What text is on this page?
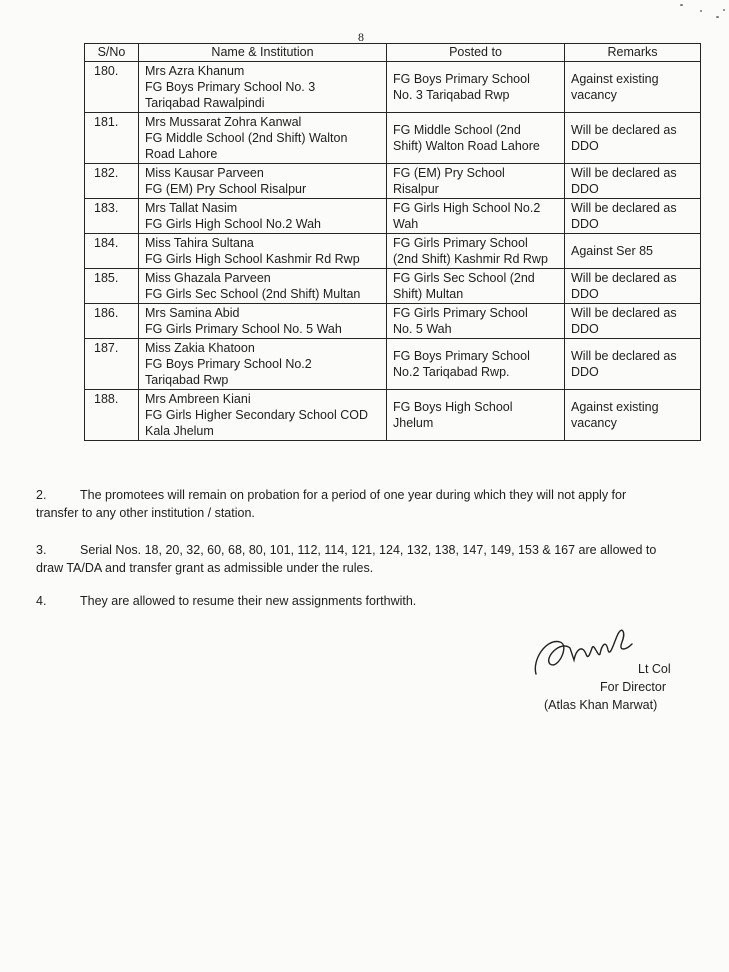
8
S/No	Name & Institution	Posted to	Remarks
180.	Mrs Azra Khanum
FG Boys Primary School No. 3
Tariqabad Rawalpindi	FG Boys Primary School
No. 3 Tariqabad Rwp	Against existing
vacancy

181.	Mrs Mussarat Zohra Kanwal
FG Middle School (2nd Shift) Walton
Road Lahore	FG Middle School (2nd
Shift) Walton Road Lahore	Will be declared as
DDO

182.	Miss Kausar Parveen
FG (EM) Pry School Risalpur	FG (EM) Pry School
Risalpur	Will be declared as
DDO

183.	Mrs Tallat Nasim
FG Girls High School No.2 Wah	FG Girls High School No.2
Wah	Will be declared as
DDO

184.	Miss Tahira Sultana
FG Girls High School Kashmir Rd Rwp	FG Girls Primary School
(2nd Shift) Kashmir Rd Rwp	Against Ser 85

185.	Miss Ghazala Parveen
FG Girls Sec School (2nd Shift) Multan	FG Girls Sec School (2nd
Shift) Multan	Will be declared as
DDO

186.	Mrs Samina Abid
FG Girls Primary School No. 5 Wah	FG Girls Primary School
No. 5 Wah	Will be declared as
DDO

187.	Miss Zakia Khatoon
FG Boys Primary School No.2
Tariqabad Rwp	FG Boys Primary School
No.2 Tariqabad Rwp.	Will be declared as
DDO

188.	Mrs Ambreen Kiani
FG Girls Higher Secondary School COD
Kala Jhelum	FG Boys High School
Jhelum	Against existing
vacancy
2.	The promotees will remain on probation for a period of one year during which they will not apply for
transfer to any other institution / station.
3.	Serial Nos. 18, 20, 32, 60, 68, 80, 101, 112, 114, 121, 124, 132, 138, 147, 149, 153 & 167 are allowed to
draw TA/DA and transfer grant as admissible under the rules.
4.	They are allowed to resume their new assignments forthwith.
Lt Col
For Director
(Atlas Khan Marwat)
